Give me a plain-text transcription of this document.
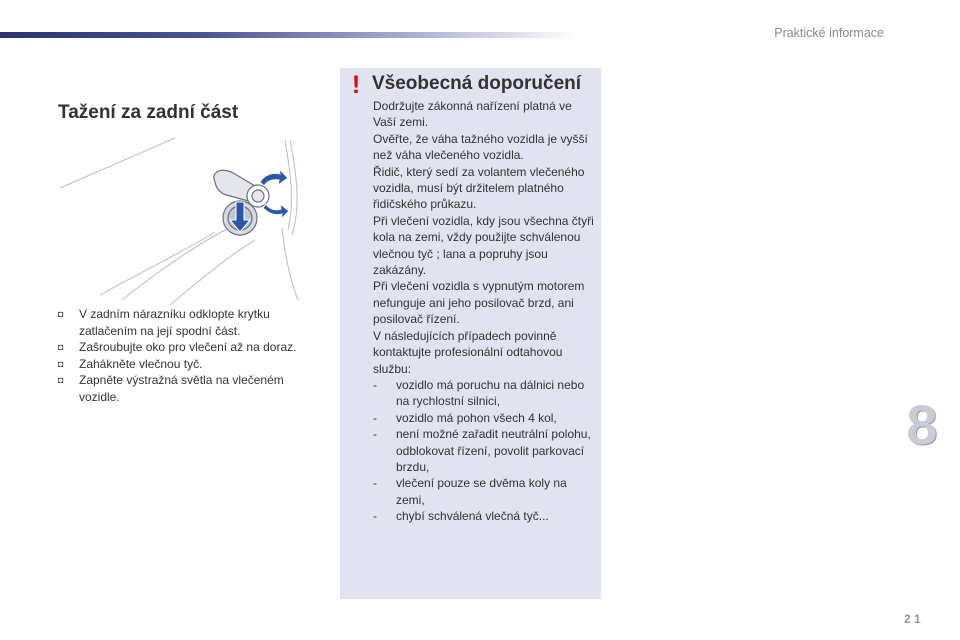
Praktické informace
Tažení za zadní část
◘ V zadním nárazníku odklopte krytku zatlačením na její spodní část.
◘ Zašroubujte oko pro vlečení až na doraz.
◘ Zahákněte vlečnou tyč.
◘ Zapněte výstražná světla na vlečeném vozidle.
! Všeobecná doporučení

Dodržujte zákonná nařízení platná ve Vaší zemi.

Ověřte, že váha tažného vozidla je vyšší než váha vlečeného vozidla.

Řidič, který sedí za volantem vlečeného vozidla, musí být držitelem platného řidičského průkazu.

Při vlečení vozidla, kdy jsou všechna čtyři kola na zemi, vždy použijte schválenou vlečnou tyč ; lana a popruhy jsou zakázány.

Při vlečení vozidla s vypnutým motorem nefunguje ani jeho posilovač brzd, ani posilovač řízení.

V následujících případech povinně kontaktujte profesionální odtahovou službu:

- vozidlo má poruchu na dálnici nebo na rychlostní silnici,
- vozidlo má pohon všech 4 kol,
- není možné zařadit neutrální polohu, odblokovat řízení, povolit parkovací brzdu,
- vlečení pouze se dvěma koly na zemi,
- chybí schválená vlečná tyč...
8
2 1
